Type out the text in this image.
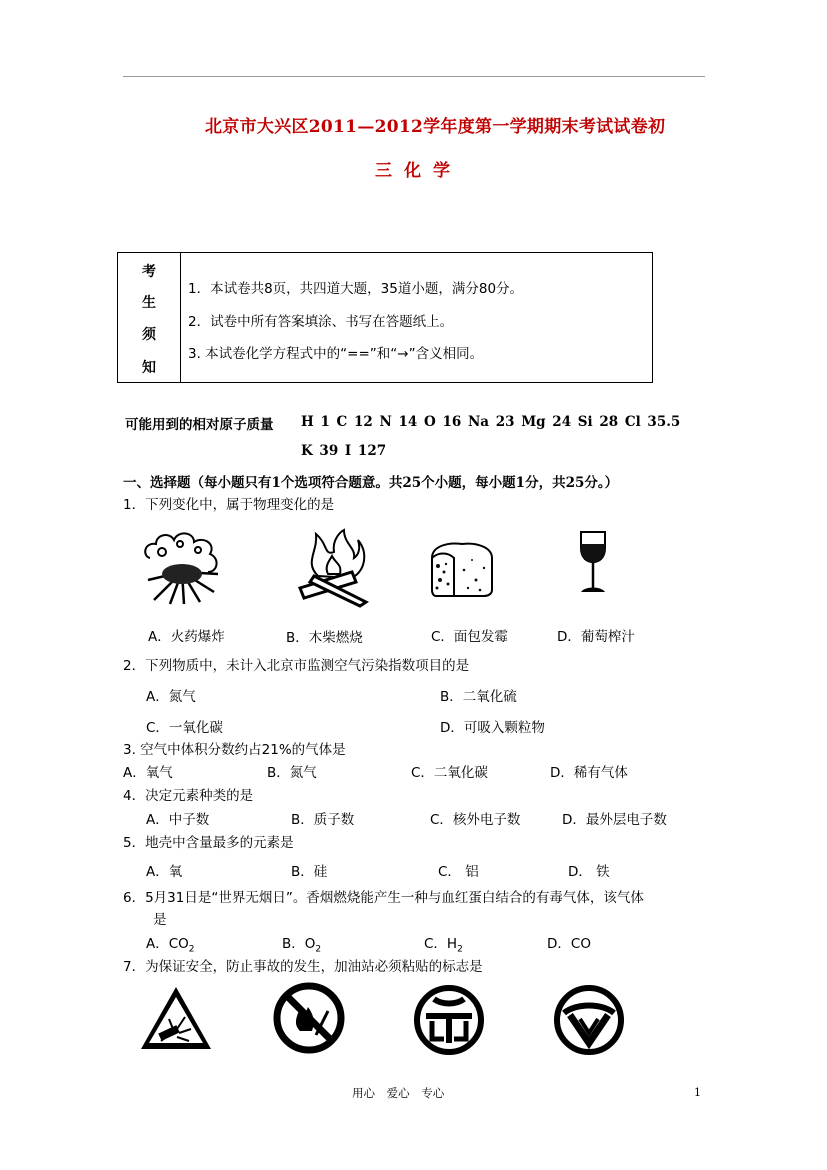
北京市大兴区2011—2012学年度第一学期期末考试试卷初
三化学
考
生
须
知
1．本试卷共8页，共四道大题，35道小题，满分80分。
2．试卷中所有答案填涂、书写在答题纸上。
3. 本试卷化学方程式中的“==”和“→”含义相同。
可能用到的相对原子质量 H 1 C 12 N 14 O 16 Na 23 Mg 24 Si 28 Cl 35.5
K 39 I 127
一、选择题（每小题只有1个选项符合题意。共25个小题，每小题1分，共25分。）
1．下列变化中，属于物理变化的是
A．火药爆炸	B．木柴燃烧	C．面包发霉	D．葡萄榨汁
2．下列物质中，未计入北京市监测空气污染指数项目的是
A．氮气	B．二氧化硫
C．一氧化碳	D．可吸入颗粒物
3. 空气中体积分数约占21%的气体是
A．氧气	B．氮气	C．二氧化碳	D．稀有气体
4．决定元素种类的是
A．中子数	B．质子数	C．核外电子数	D．最外层电子数
5．地壳中含量最多的元素是
A．氧	B．硅	C． 铝	D． 铁
6．5月31日是“世界无烟日”。香烟燃烧能产生一种与血红蛋白结合的有毒气体，该气体
是
A．$CO_2$	B．$O_2$	C．$H_2$	D．CO
7．为保证安全，防止事故的发生，加油站必须粘贴的标志是
用心 爱心 专心	1
